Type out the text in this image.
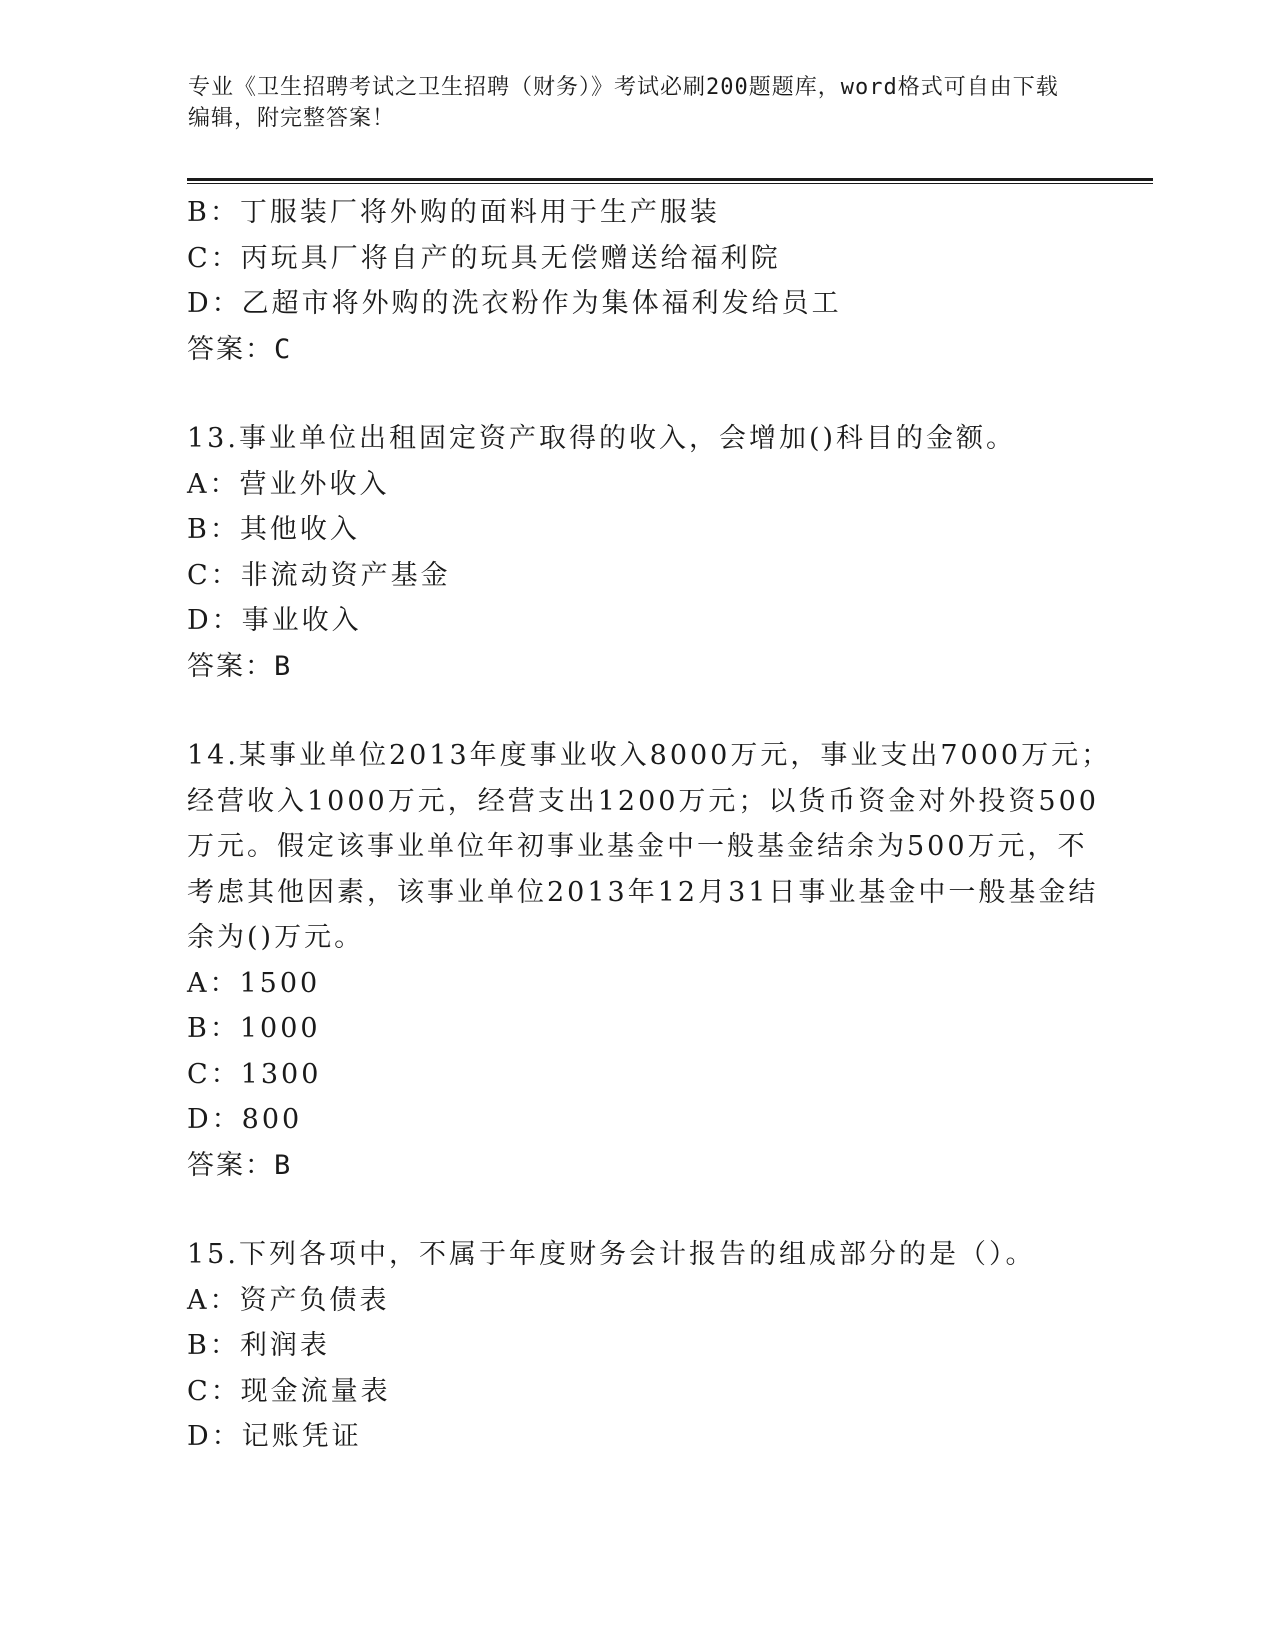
专业《卫生招聘考试之卫生招聘（财务）》考试必刷200题题库，word格式可自由下载编辑，附完整答案！
B：丁服装厂将外购的面料用于生产服装
C：丙玩具厂将自产的玩具无偿赠送给福利院
D：乙超市将外购的洗衣粉作为集体福利发给员工
答案：C
13.事业单位出租固定资产取得的收入，会增加()科目的金额。
A：营业外收入
B：其他收入
C：非流动资产基金
D：事业收入
答案：B
14.某事业单位2013年度事业收入8000万元，事业支出7000万元；
经营收入1000万元，经营支出1200万元；以货币资金对外投资500
万元。假定该事业单位年初事业基金中一般基金结余为500万元，不
考虑其他因素，该事业单位2013年12月31日事业基金中一般基金结
余为()万元。
A：1500
B：1000
C：1300
D：800
答案：B
15.下列各项中，不属于年度财务会计报告的组成部分的是（）。
A：资产负债表
B：利润表
C：现金流量表
D：记账凭证
